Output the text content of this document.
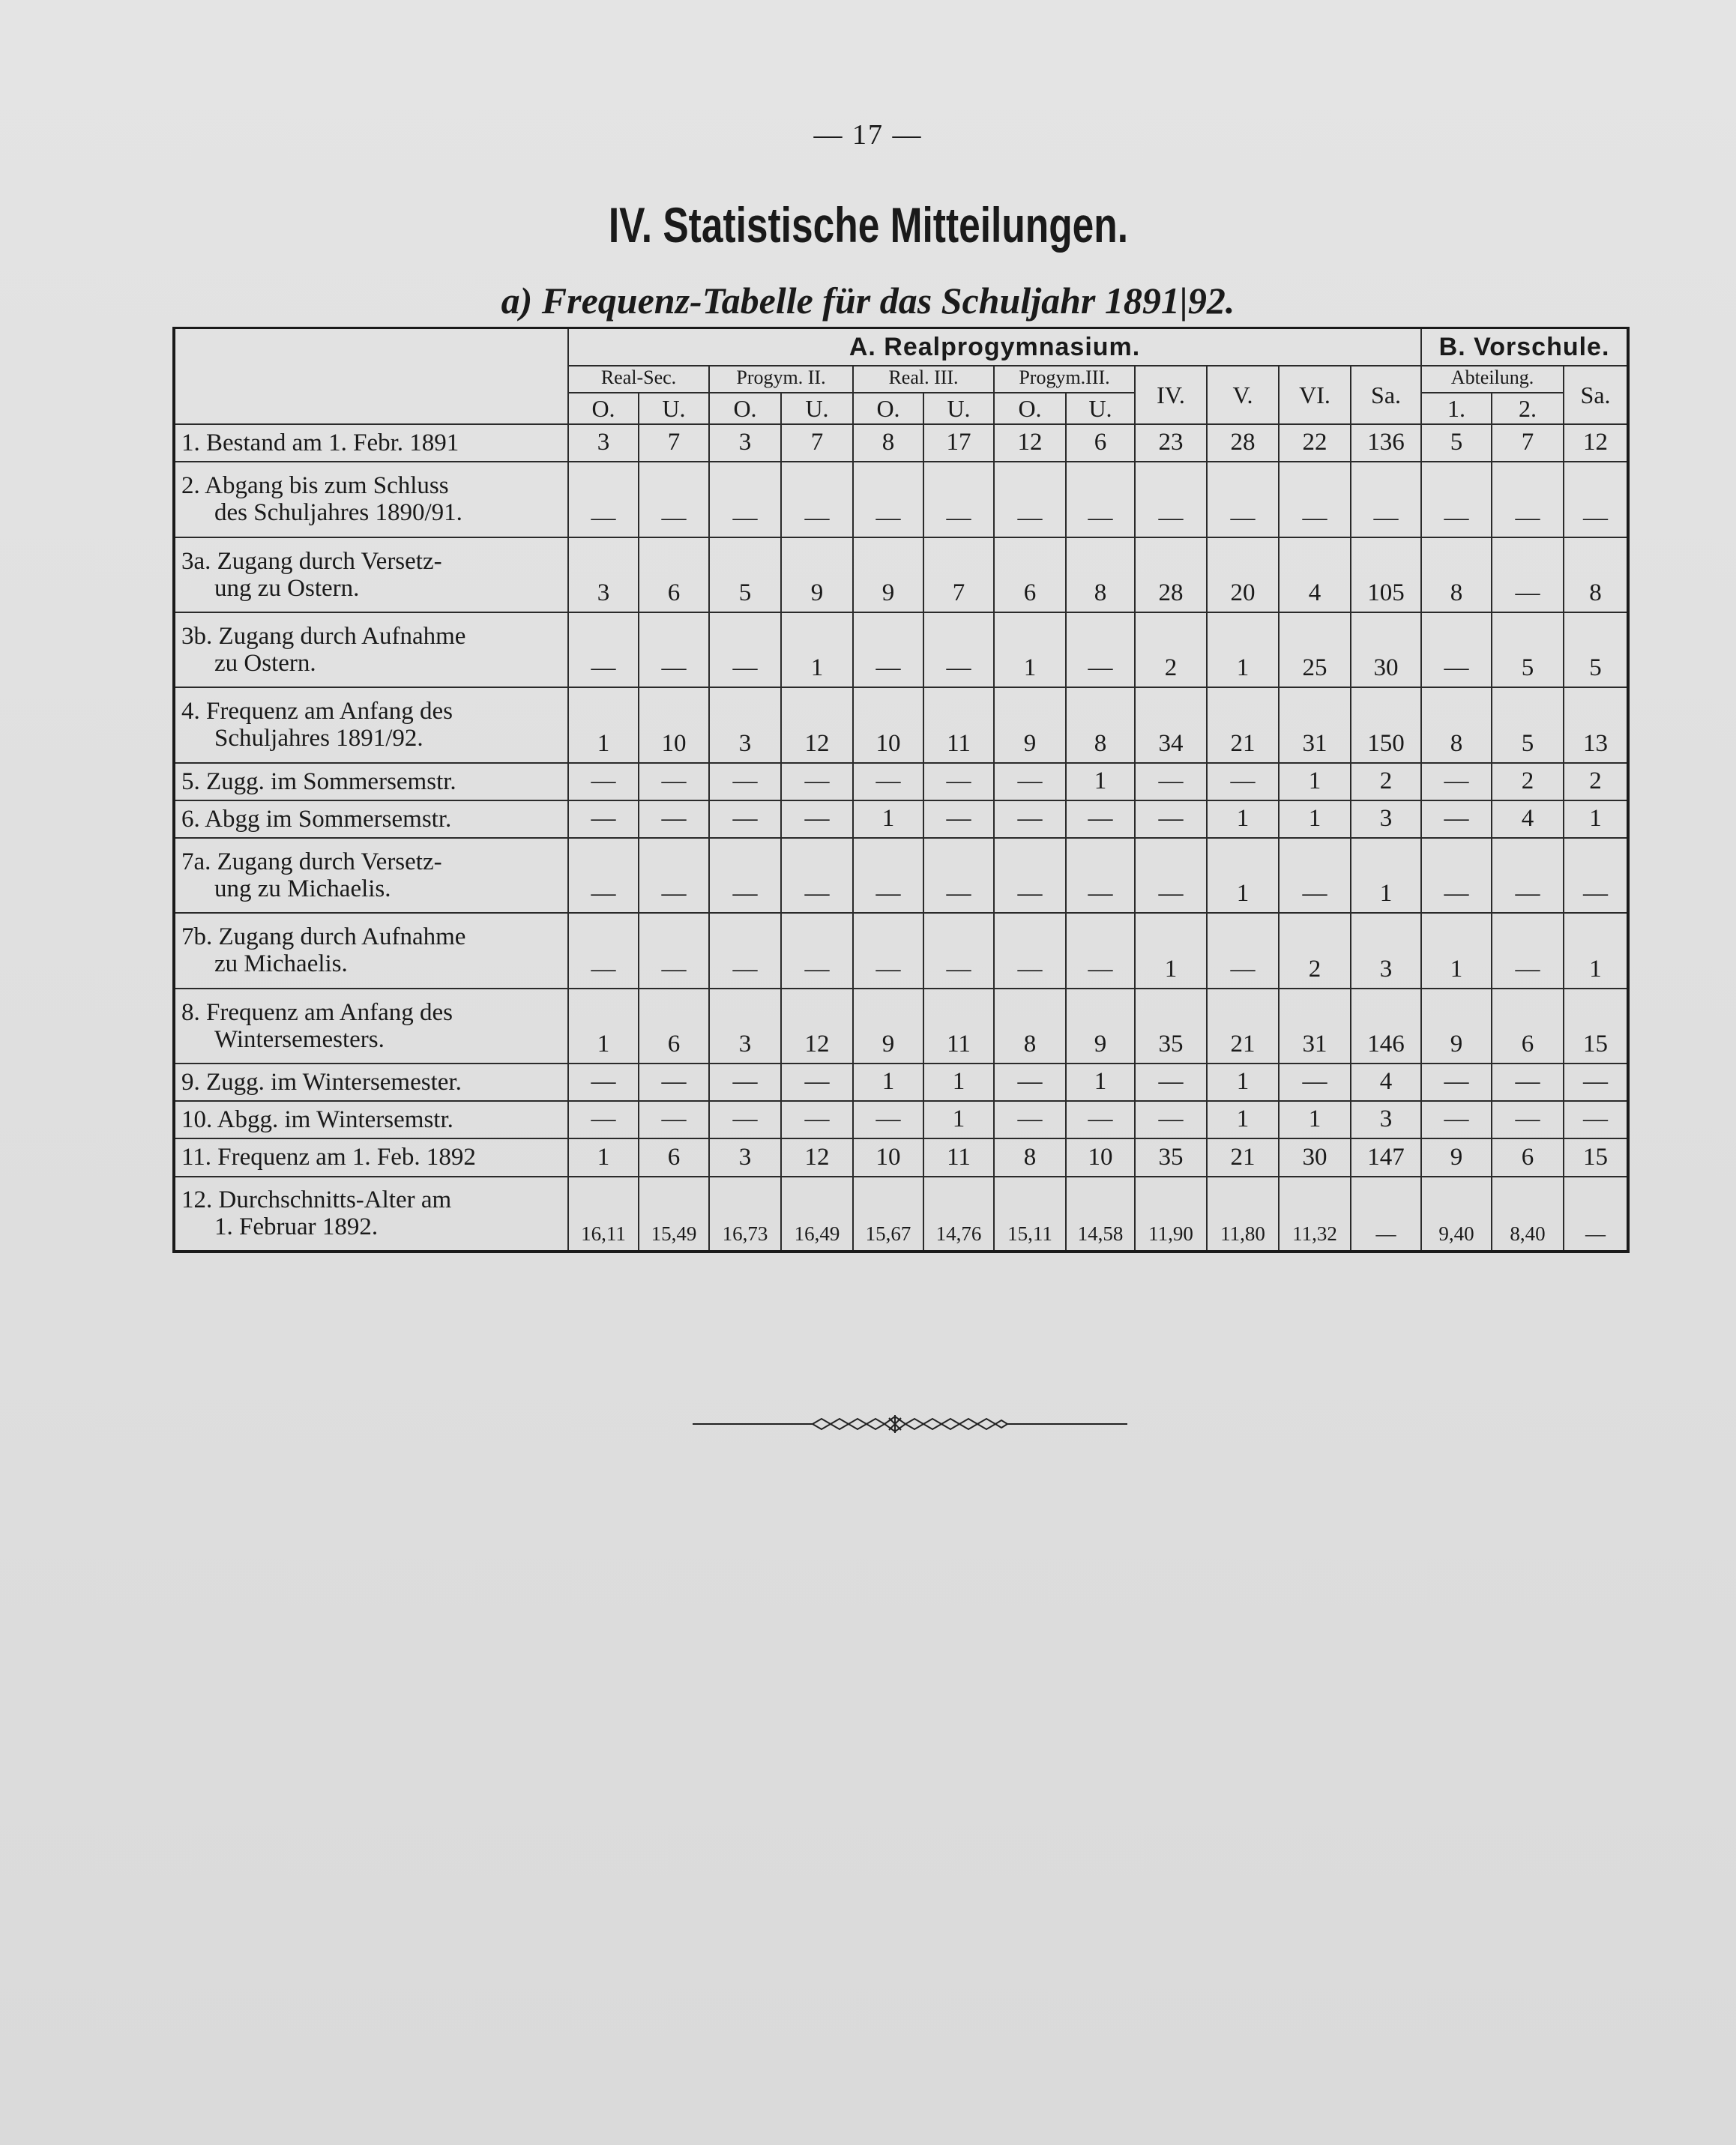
— 17 —
IV. Statistische Mitteilungen.
a) Frequenz-Tabelle für das Schuljahr 1891|92.
	A. Realprogymnasium.												B. Vorschule.		
	Real-Sec.		Progym. II.		Real. III.		Progym.III.		IV.	V.	VI.	Sa.	Abteilung.		Sa.
	O.	U.	O.	U.	O.	U.	O.	U.					1.	2.	
1. Bestand am 1. Febr. 1891	3	7	3	7	8	17	12	6	23	28	22	136	5	7	12
2. Abgang bis zum Schluss
des Schuljahres 1890/91.	—	—	—	—	—	—	—	—	—	—	—	—	—	—	—
3a. Zugang durch Versetz-
ung zu Ostern.	3	6	5	9	9	7	6	8	28	20	4	105	8	—	8
3b. Zugang durch Aufnahme
zu Ostern.	—	—	—	1	—	—	1	—	2	1	25	30	—	5	5
4. Frequenz am Anfang des
Schuljahres 1891/92.	1	10	3	12	10	11	9	8	34	21	31	150	8	5	13
5. Zugg. im Sommersemstr.	—	—	—	—	—	—	—	1	—	—	1	2	—	2	2
6. Abgg im Sommersemstr.	—	—	—	—	1	—	—	—	—	1	1	3	—	4	1
7a. Zugang durch Versetz-
ung zu Michaelis.	—	—	—	—	—	—	—	—	—	1	—	1	—	—	—
7b. Zugang durch Aufnahme
zu Michaelis.	—	—	—	—	—	—	—	—	1	—	2	3	1	—	1
8. Frequenz am Anfang des
Wintersemesters.	1	6	3	12	9	11	8	9	35	21	31	146	9	6	15
9. Zugg. im Wintersemester.	—	—	—	—	1	1	—	1	—	1	—	4	—	—	—
10. Abgg. im Wintersemstr.	—	—	—	—	—	1	—	—	—	1	1	3	—	—	—
11. Frequenz am 1. Feb. 1892	1	6	3	12	10	11	8	10	35	21	30	147	9	6	15
12. Durchschnitts-Alter am
1. Februar 1892.	16,11	15,49	16,73	16,49	15,67	14,76	15,11	14,58	11,90	11,80	11,32	—	9,40	8,40	—
